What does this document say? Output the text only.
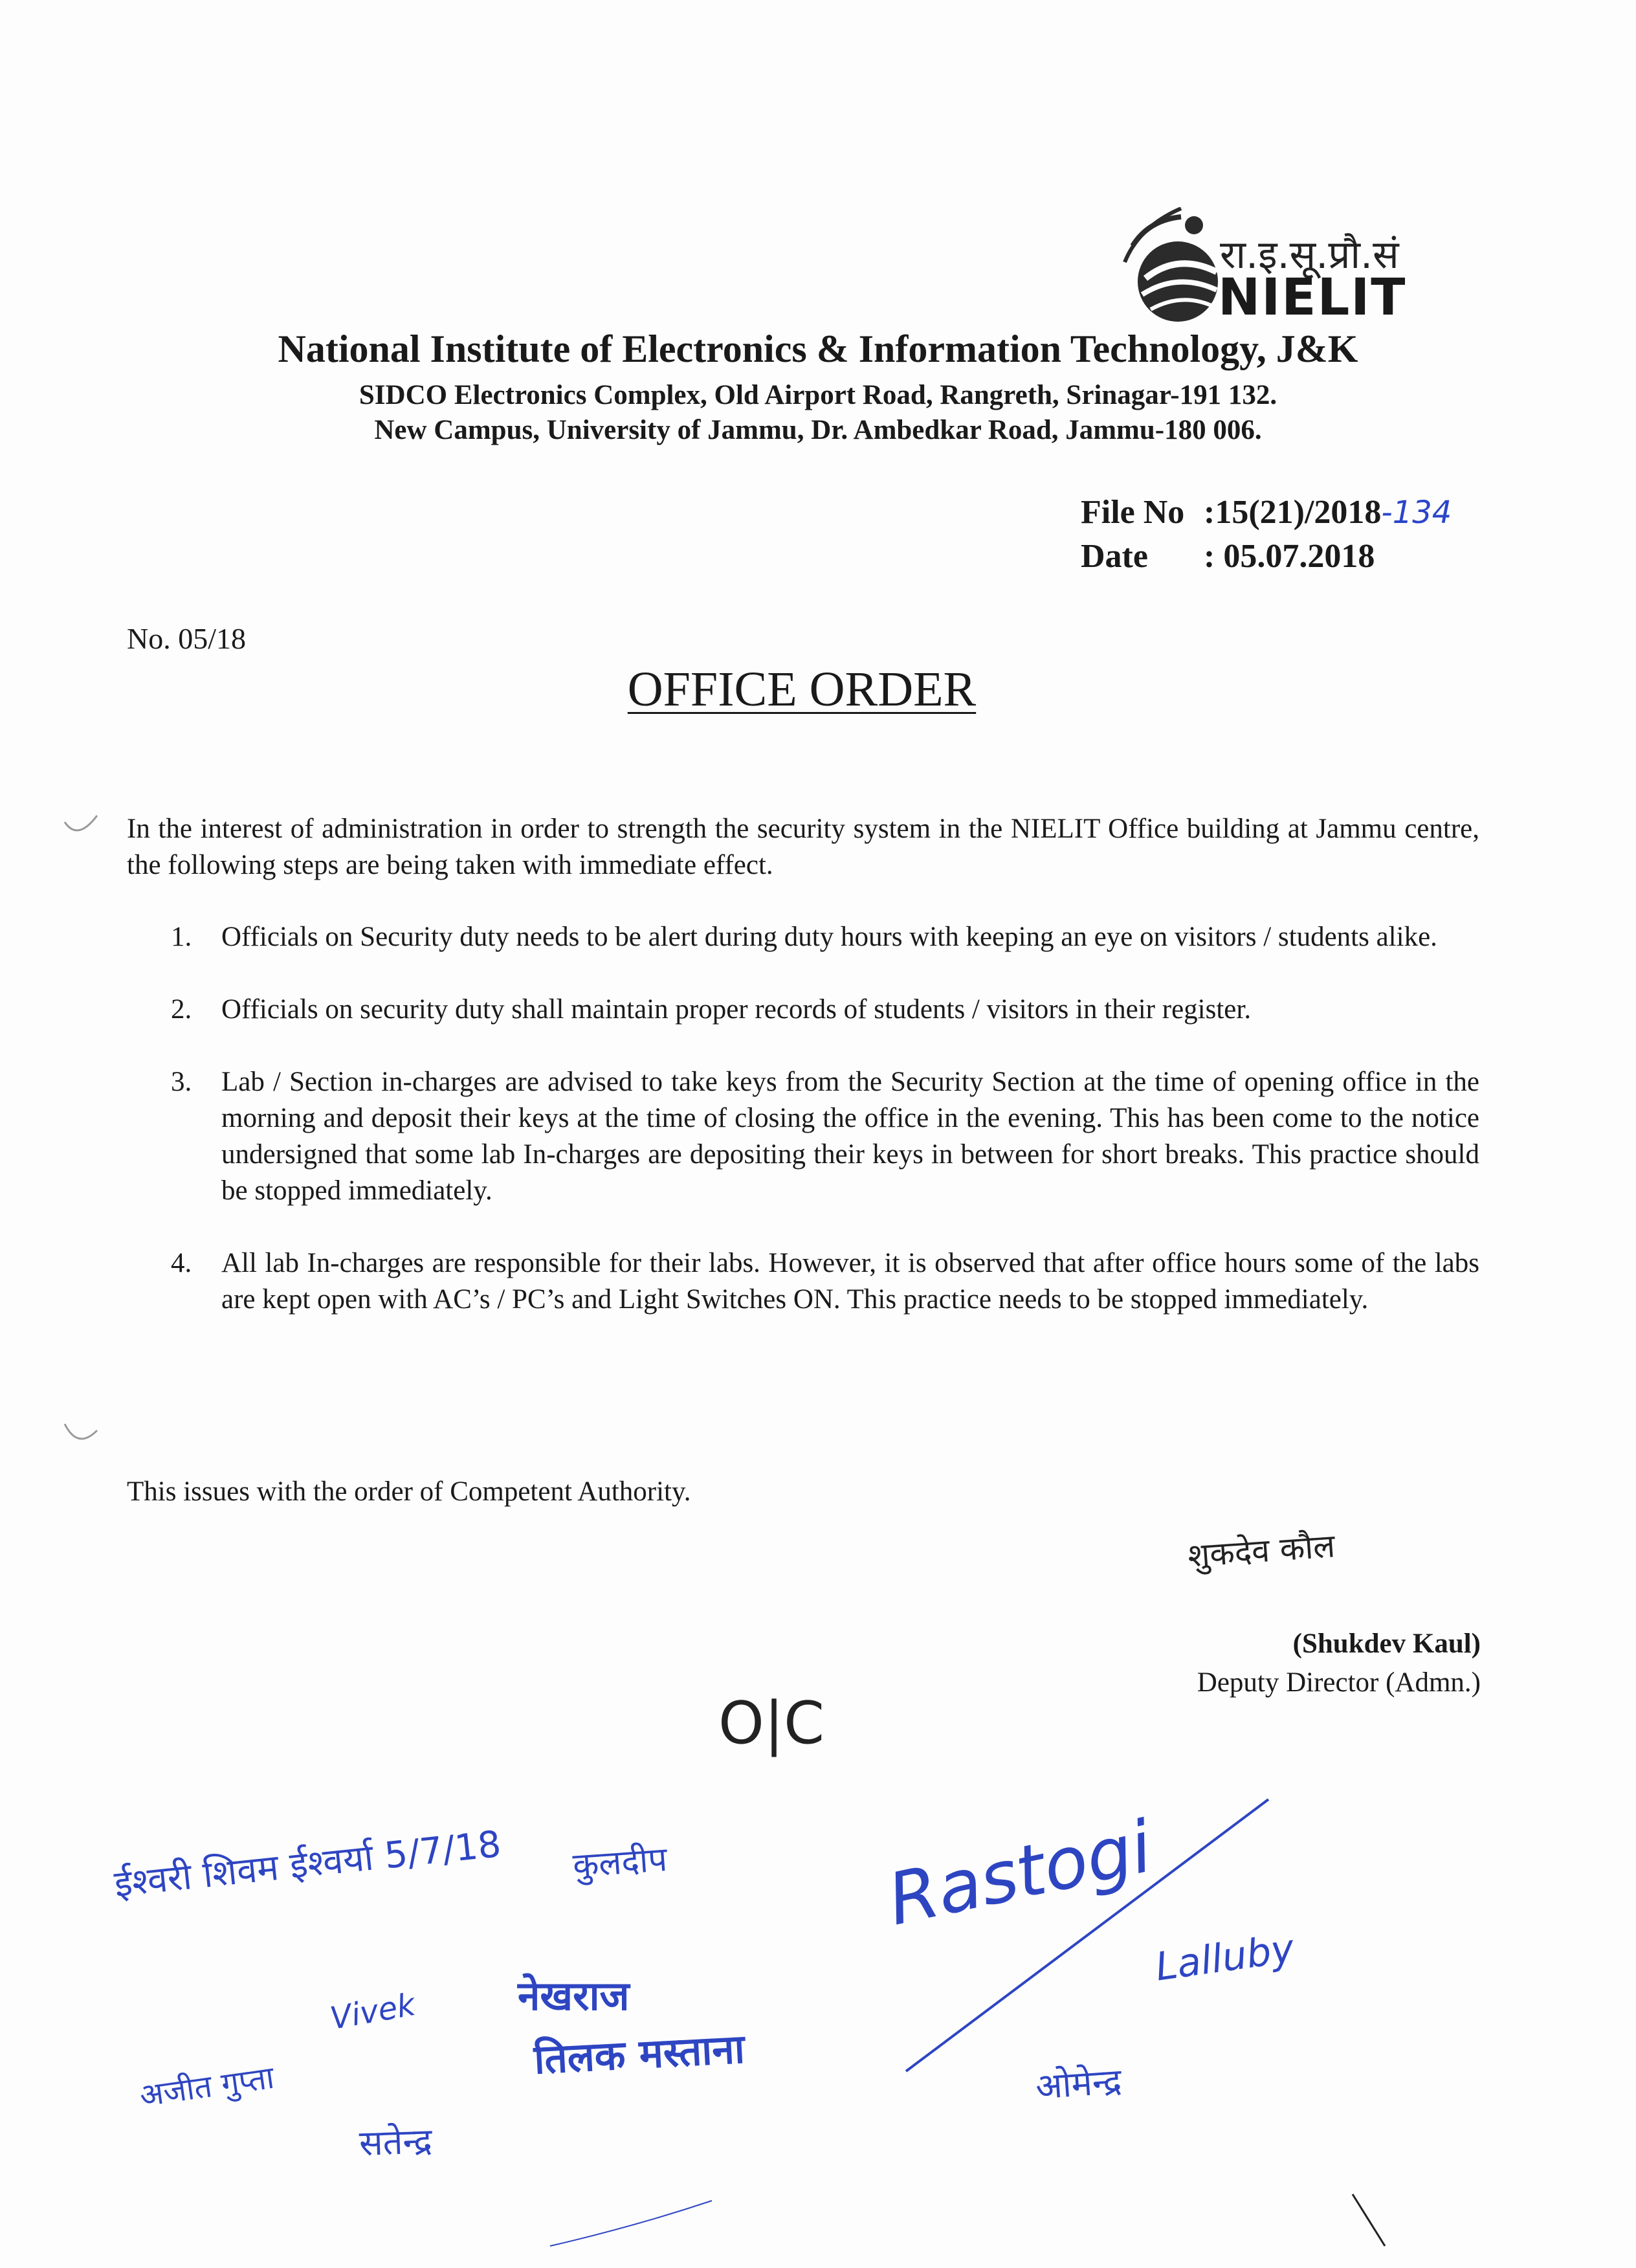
रा.इ.सू.प्रौ.सं
NIELIT
National Institute of Electronics & Information Technology, J&K
SIDCO Electronics Complex, Old Airport Road, Rangreth, Srinagar-191 132.
New Campus, University of Jammu, Dr. Ambedkar Road, Jammu-180 006.
File No :15(21)/2018-134
Date : 05.07.2018
No. 05/18
OFFICE ORDER
In the interest of administration in order to strength the security system in the NIELIT Office building at Jammu centre, the following steps are being taken with immediate effect.
1. Officials on Security duty needs to be alert during duty hours with keeping an eye on visitors / students alike.
2. Officials on security duty shall maintain proper records of students / visitors in their register.
3. Lab / Section in-charges are advised to take keys from the Security Section at the time of opening office in the morning and deposit their keys at the time of closing the office in the evening. This has been come to the notice undersigned that some lab In-charges are depositing their keys in between for short breaks. This practice should be stopped immediately.
4. All lab In-charges are responsible for their labs. However, it is observed that after office hours some of the labs are kept open with AC’s / PC’s and Light Switches ON. This practice needs to be stopped immediately.
This issues with the order of Competent Authority.
शुकदेव कौल
(Shukdev Kaul)
Deputy Director (Admn.)
O|C
ईश्वरी शिवम ईश्वर्या 5/7/18 कुलदीप	Rastogi
Vivek नेखराज
तिलक मस्ताना
अजीत गुप्ता
सतेन्द्र
Lalluby
ओमेन्द्र
